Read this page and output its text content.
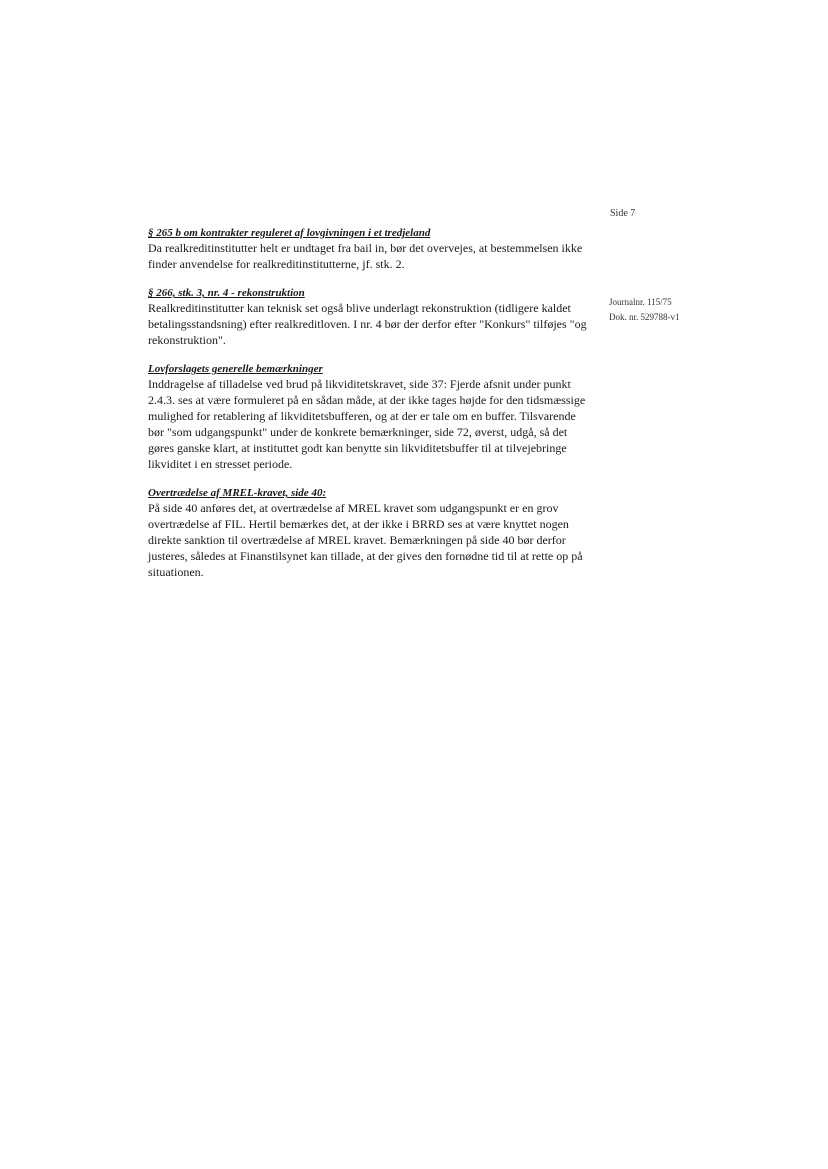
Side 7
Journalnr. 115/75
Dok. nr. 529788-v1
§ 265 b om kontrakter reguleret af lovgivningen i et tredjeland
Da realkreditinstitutter helt er undtaget fra bail in, bør det overvejes, at bestemmelsen ikke finder anvendelse for realkreditinstitutterne, jf. stk. 2.
§ 266, stk. 3, nr. 4 - rekonstruktion
Realkreditinstitutter kan teknisk set også blive underlagt rekonstruktion (tidligere kaldet betalingsstandsning) efter realkreditloven. I nr. 4 bør der derfor efter "Konkurs" tilføjes "og rekonstruktion".
Lovforslagets generelle bemærkninger
Inddragelse af tilladelse ved brud på likviditetskravet, side 37: Fjerde afsnit under punkt 2.4.3. ses at være formuleret på en sådan måde, at der ikke tages højde for den tidsmæssige mulighed for retablering af likviditetsbufferen, og at der er tale om en buffer. Tilsvarende bør "som udgangspunkt" under de konkrete bemærkninger, side 72, øverst, udgå, så det gøres ganske klart, at instituttet godt kan benytte sin likviditetsbuffer til at tilvejebringe likviditet i en stresset periode.
Overtrædelse af MREL-kravet, side 40:
På side 40 anføres det, at overtrædelse af MREL kravet som udgangspunkt er en grov overtrædelse af FIL. Hertil bemærkes det, at der ikke i BRRD ses at være knyttet nogen direkte sanktion til overtrædelse af MREL kravet. Bemærkningen på side 40 bør derfor justeres, således at Finanstilsynet kan tillade, at der gives den fornødne tid til at rette op på situationen.
